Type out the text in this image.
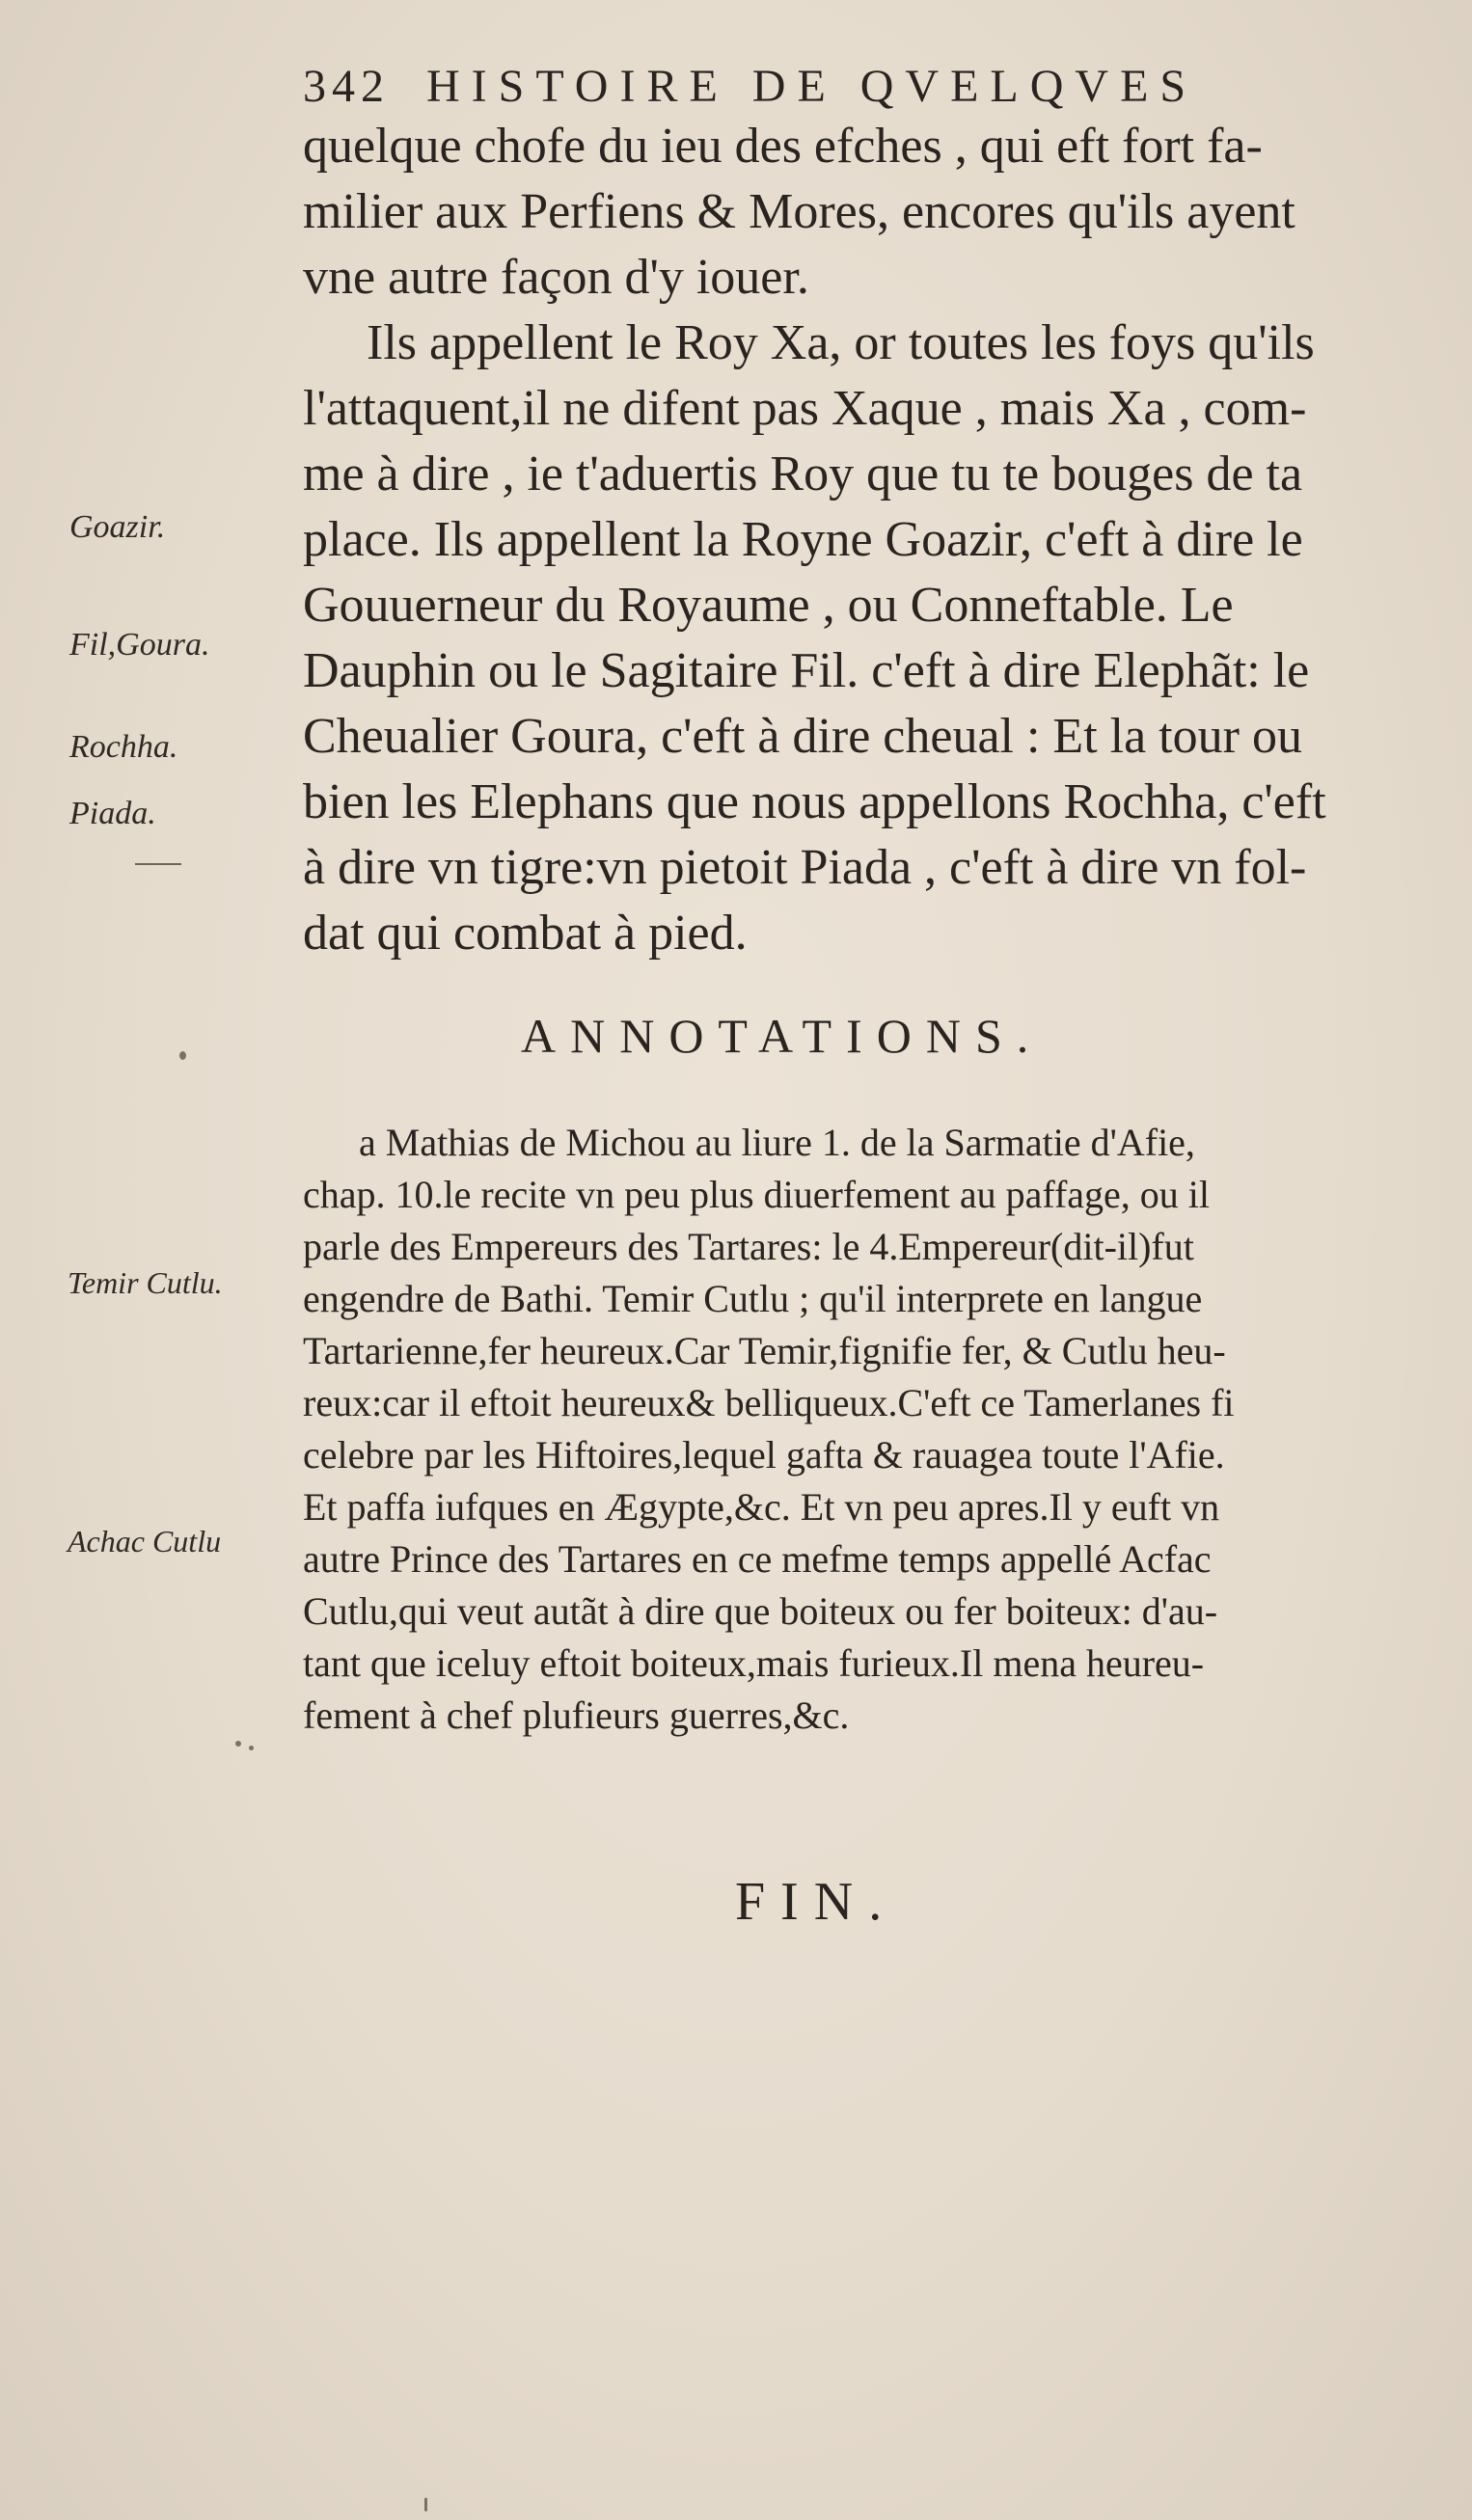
342 HISTOIRE DE QVELQVES
quelque chofe du ieu des efches , qui eft fort fa-
milier aux Perfiens & Mores, encores qu'ils ayent
vne autre façon d'y iouer.
Ils appellent le Roy Xa, or toutes les foys qu'ils
l'attaquent,il ne difent pas Xaque , mais Xa , com-
me à dire , ie t'aduertis Roy que tu te bouges de ta
place. Ils appellent la Royne Goazir, c'eft à dire le
Gouuerneur du Royaume , ou Conneftable. Le
Dauphin ou le Sagitaire Fil. c'eft à dire Elephãt: le
Cheualier Goura, c'eft à dire cheual : Et la tour ou
bien les Elephans que nous appellons Rochha, c'eft
à dire vn tigre:vn pietoit Piada , c'eft à dire vn fol-
dat qui combat à pied.
Goazir.
Fil,Goura.
Rochha.
Piada.
ANNOTATIONS.
a Mathias de Michou au liure 1. de la Sarmatie d'Afie,
chap. 10.le recite vn peu plus diuerfement au paffage, ou il
parle des Empereurs des Tartares: le 4.Empereur(dit-il)fut
engendre de Bathi. Temir Cutlu ; qu'il interprete en langue
Tartarienne,fer heureux.Car Temir,fignifie fer, & Cutlu heu-
reux:car il eftoit heureux& belliqueux.C'eft ce Tamerlanes fi
celebre par les Hiftoires,lequel gafta & rauagea toute l'Afie.
Et paffa iufques en Ægypte,&c. Et vn peu apres.Il y euft vn
autre Prince des Tartares en ce mefme temps appellé Acfac
Cutlu,qui veut autãt à dire que boiteux ou fer boiteux: d'au-
tant que iceluy eftoit boiteux,mais furieux.Il mena heureu-
fement à chef plufieurs guerres,&c.
Temir Cutlu.
Achac Cutlu
FIN.
